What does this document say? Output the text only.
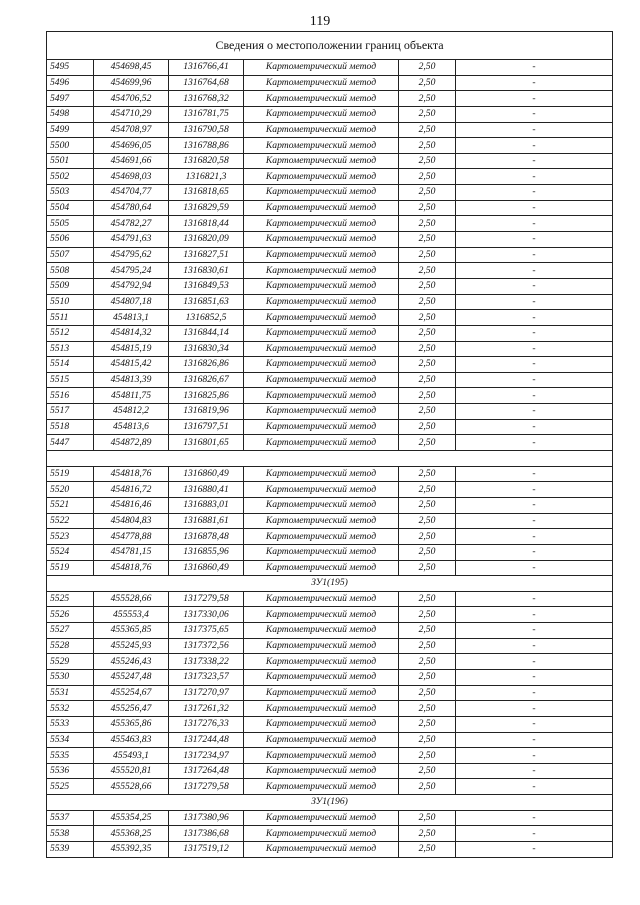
119
Сведения о местоположении границ объекта					
5495	454698,45	1316766,41	Картометрический метод	2,50	-
5496	454699,96	1316764,68	Картометрический метод	2,50	-
5497	454706,52	1316768,32	Картометрический метод	2,50	-
5498	454710,29	1316781,75	Картометрический метод	2,50	-
5499	454708,97	1316790,58	Картометрический метод	2,50	-
5500	454696,05	1316788,86	Картометрический метод	2,50	-
5501	454691,66	1316820,58	Картометрический метод	2,50	-
5502	454698,03	1316821,3	Картометрический метод	2,50	-
5503	454704,77	1316818,65	Картометрический метод	2,50	-
5504	454780,64	1316829,59	Картометрический метод	2,50	-
5505	454782,27	1316818,44	Картометрический метод	2,50	-
5506	454791,63	1316820,09	Картометрический метод	2,50	-
5507	454795,62	1316827,51	Картометрический метод	2,50	-
5508	454795,24	1316830,61	Картометрический метод	2,50	-
5509	454792,94	1316849,53	Картометрический метод	2,50	-
5510	454807,18	1316851,63	Картометрический метод	2,50	-
5511	454813,1	1316852,5	Картометрический метод	2,50	-
5512	454814,32	1316844,14	Картометрический метод	2,50	-
5513	454815,19	1316830,34	Картометрический метод	2,50	-
5514	454815,42	1316826,86	Картометрический метод	2,50	-
5515	454813,39	1316826,67	Картометрический метод	2,50	-
5516	454811,75	1316825,86	Картометрический метод	2,50	-
5517	454812,2	1316819,96	Картометрический метод	2,50	-
5518	454813,6	1316797,51	Картометрический метод	2,50	-
5447	454872,89	1316801,65	Картометрический метод	2,50	-

5519	454818,76	1316860,49	Картометрический метод	2,50	-
5520	454816,72	1316880,41	Картометрический метод	2,50	-
5521	454816,46	1316883,01	Картометрический метод	2,50	-
5522	454804,83	1316881,61	Картометрический метод	2,50	-
5523	454778,88	1316878,48	Картометрический метод	2,50	-
5524	454781,15	1316855,96	Картометрический метод	2,50	-
5519	454818,76	1316860,49	Картометрический метод	2,50	-
ЗУ1(195)					
5525	455528,66	1317279,58	Картометрический метод	2,50	-
5526	455553,4	1317330,06	Картометрический метод	2,50	-
5527	455365,85	1317375,65	Картометрический метод	2,50	-
5528	455245,93	1317372,56	Картометрический метод	2,50	-
5529	455246,43	1317338,22	Картометрический метод	2,50	-
5530	455247,48	1317323,57	Картометрический метод	2,50	-
5531	455254,67	1317270,97	Картометрический метод	2,50	-
5532	455256,47	1317261,32	Картометрический метод	2,50	-
5533	455365,86	1317276,33	Картометрический метод	2,50	-
5534	455463,83	1317244,48	Картометрический метод	2,50	-
5535	455493,1	1317234,97	Картометрический метод	2,50	-
5536	455520,81	1317264,48	Картометрический метод	2,50	-
5525	455528,66	1317279,58	Картометрический метод	2,50	-
ЗУ1(196)					
5537	455354,25	1317380,96	Картометрический метод	2,50	-
5538	455368,25	1317386,68	Картометрический метод	2,50	-
5539	455392,35	1317519,12	Картометрический метод	2,50	-
